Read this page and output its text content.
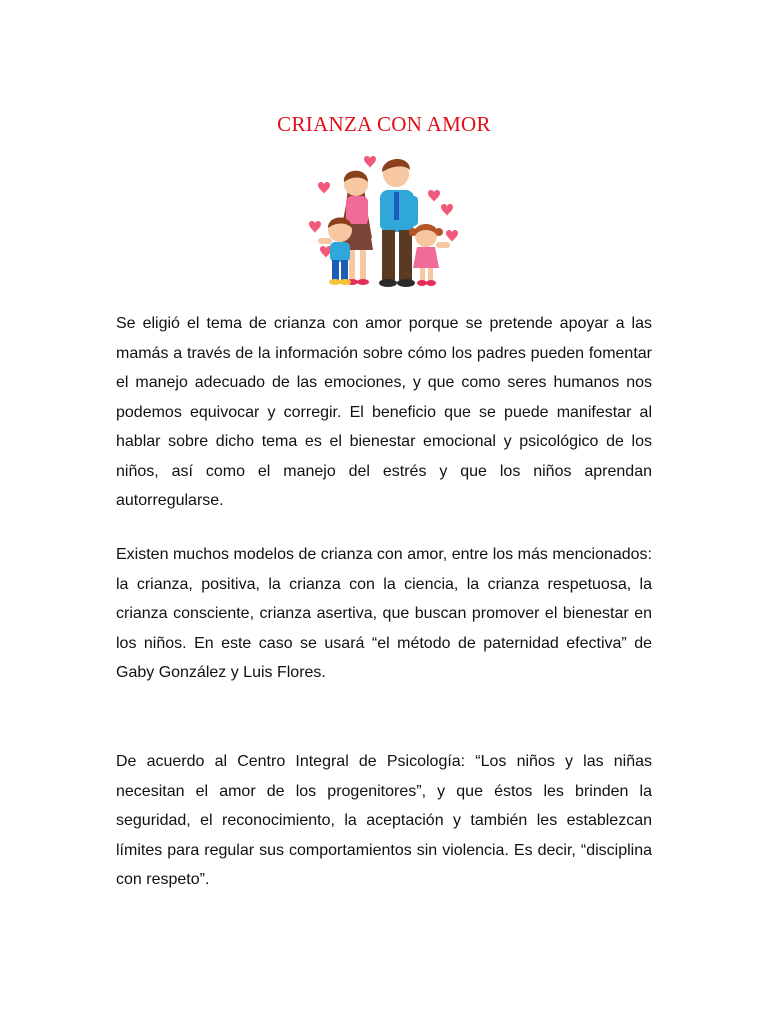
CRIANZA CON AMOR

Se eligió el tema de crianza con amor porque se pretende apoyar a las mamás a través de la información sobre cómo los padres pueden fomentar el manejo adecuado de las emociones, y que como seres humanos nos podemos equivocar y corregir. El beneficio que se puede manifestar al hablar sobre dicho tema es el bienestar emocional y psicológico de los niños, así como el manejo del estrés y que los niños aprendan autorregularse.

Existen muchos modelos de crianza con amor, entre los más mencionados: la crianza, positiva, la crianza con la ciencia, la crianza respetuosa, la crianza consciente, crianza asertiva, que buscan promover el bienestar en los niños. En este caso se usará “el método de paternidad efectiva” de Gaby González y Luis Flores.

De acuerdo al Centro Integral de Psicología: “Los niños y las niñas necesitan el amor de los progenitores”, y que éstos les brinden la seguridad, el reconocimiento, la aceptación y también les establezcan límites para regular sus comportamientos sin violencia. Es decir, “disciplina con respeto”.
